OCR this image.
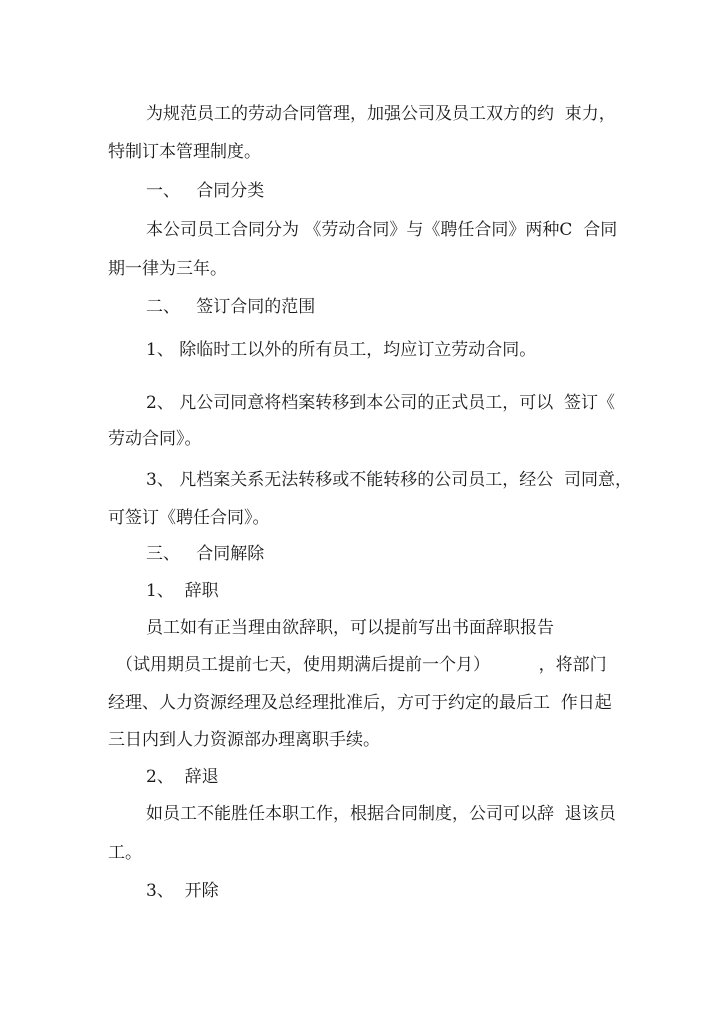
为规范员工的劳动合同管理，加强公司及员工双方的约  束力，

特制订本管理制度。

一、   合同分类

本公司员工合同分为 《劳动合同》与《聘任合同》两种C  合同

期一律为三年。

二、   签订合同的范围

1、 除临时工以外的所有员工，均应订立劳动合同。

2、 凡公司同意将档案转移到本公司的正式员工，可以  签订《

劳动合同》。

3、 凡档案关系无法转移或不能转移的公司员工，经公  司同意，

可签订《聘任合同》。

三、   合同解除

1、  辞职

员工如有正当理由欲辞职，可以提前写出书面辞职报告

（试用期员工提前七天，使用期满后提前一个月）         ，将部门

经理、人力资源经理及总经理批准后，方可于约定的最后工  作日起

三日内到人力资源部办理离职手续。

2、  辞退

如员工不能胜任本职工作，根据合同制度，公司可以辞  退该员

工。

3、  开除
